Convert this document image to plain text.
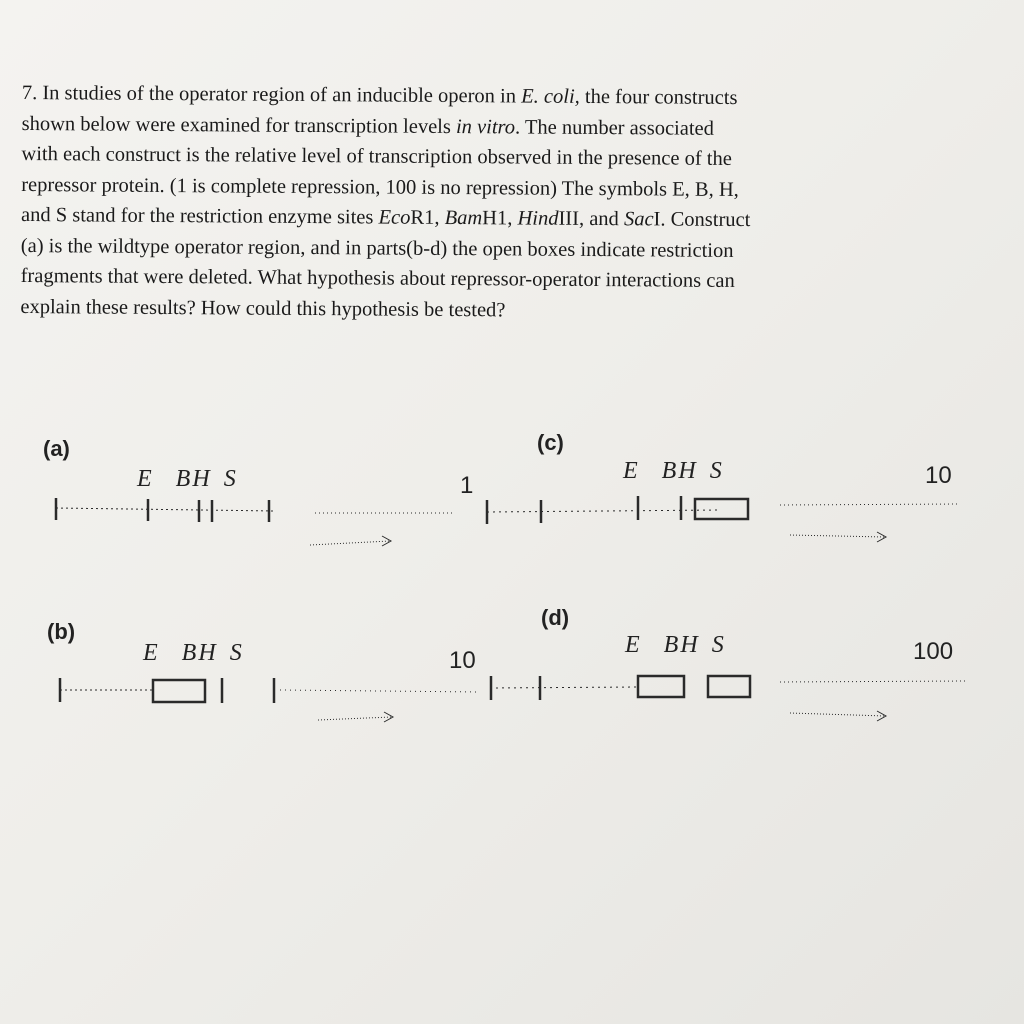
7. In studies of the operator region of an inducible operon in E. coli, the four constructs

shown below were examined for transcription levels in vitro. The number associated

with each construct is the relative level of transcription observed in the presence of the

repressor protein. (1 is complete repression, 100 is no repression) The symbols E, B, H,

and S stand for the restriction enzyme sites EcoR1, BamH1, HindIII, and SacI. Construct

(a) is the wildtype operator region, and in parts(b-d) the open boxes indicate restriction

fragments that were deleted. What hypothesis about repressor-operator interactions can

explain these results? How could this hypothesis be tested?

(a)
E BH S	1
(c)
E BH S	10
(b)
E BH S	10
(d)
E BH S	100
